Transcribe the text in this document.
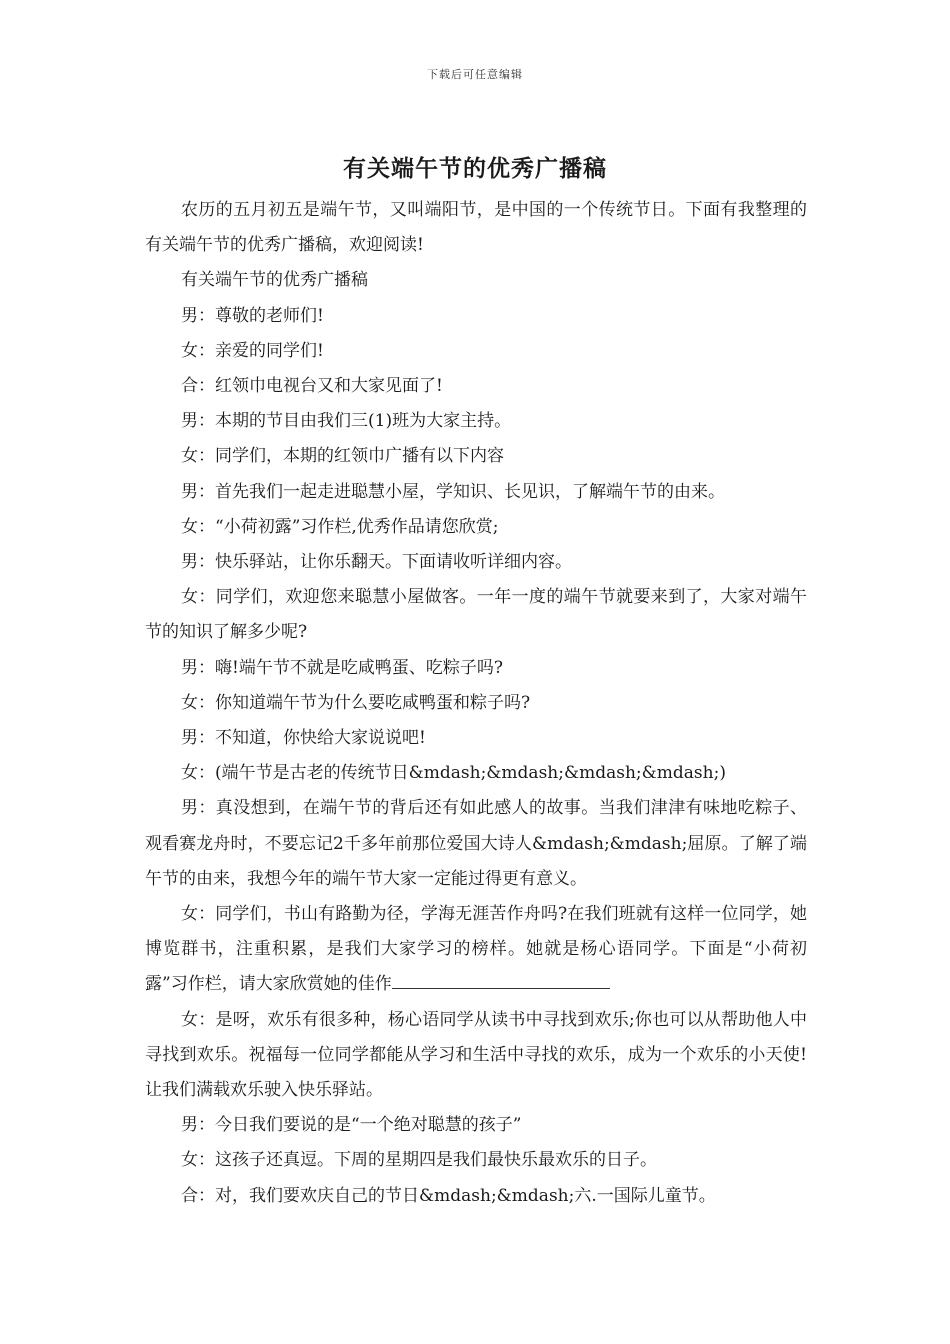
下载后可任意编辑
有关端午节的优秀广播稿

农历的五月初五是端午节，又叫端阳节，是中国的一个传统节日。下面有我整理的有关端午节的优秀广播稿，欢迎阅读!

有关端午节的优秀广播稿

男：尊敬的老师们!

女：亲爱的同学们!

合：红领巾电视台又和大家见面了!

男：本期的节目由我们三(1)班为大家主持。

女：同学们，本期的红领巾广播有以下内容

男：首先我们一起走进聪慧小屋，学知识、长见识，了解端午节的由来。

女：“小荷初露”习作栏,优秀作品请您欣赏;

男：快乐驿站，让你乐翻天。下面请收听详细内容。

女：同学们，欢迎您来聪慧小屋做客。一年一度的端午节就要来到了，大家对端午节的知识了解多少呢?

男：嗨!端午节不就是吃咸鸭蛋、吃粽子吗?

女：你知道端午节为什么要吃咸鸭蛋和粽子吗?

男：不知道，你快给大家说说吧!

女：(端午节是古老的传统节日&mdash;&mdash;&mdash;&mdash;)

男：真没想到，在端午节的背后还有如此感人的故事。当我们津津有味地吃粽子、观看赛龙舟时，不要忘记2千多年前那位爱国大诗人&mdash;&mdash;屈原。了解了端午节的由来，我想今年的端午节大家一定能过得更有意义。

女：同学们，书山有路勤为径，学海无涯苦作舟吗?在我们班就有这样一位同学，她博览群书，注重积累，是我们大家学习的榜样。她就是杨心语同学。下面是“小荷初露”习作栏，请大家欣赏她的佳作

女：是呀，欢乐有很多种，杨心语同学从读书中寻找到欢乐;你也可以从帮助他人中寻找到欢乐。祝福每一位同学都能从学习和生活中寻找的欢乐，成为一个欢乐的小天使!让我们满载欢乐驶入快乐驿站。

男：今日我们要说的是“一个绝对聪慧的孩子”

女：这孩子还真逗。下周的星期四是我们最快乐最欢乐的日子。

合：对，我们要欢庆自己的节日&mdash;&mdash;六.一国际儿童节。
